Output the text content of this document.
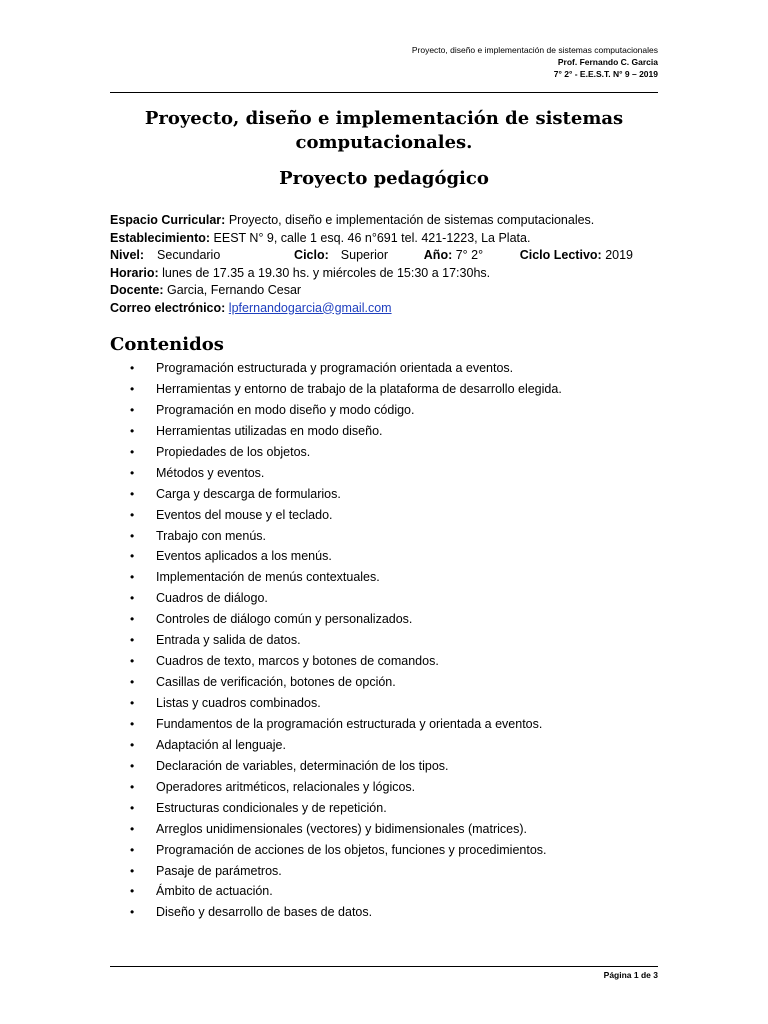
Proyecto, diseño e implementación de sistemas computacionales
Prof. Fernando C. Garcia
7° 2° - E.E.S.T. N° 9 – 2019
Proyecto, diseño e implementación de sistemas computacionales.
Proyecto pedagógico
Espacio Curricular: Proyecto, diseño e implementación de sistemas computacionales.
Establecimiento: EEST N° 9, calle 1 esq. 46 n°691 tel. 421-1223, La Plata.
Nivel: Secundario	Ciclo: Superior	Año: 7° 2°	Ciclo Lectivo: 2019
Horario: lunes de 17.35 a 19.30 hs. y miércoles de 15:30 a 17:30hs.
Docente: Garcia, Fernando Cesar
Correo electrónico: lpfernandogarcia@gmail.com
Contenidos
• Programación estructurada y programación orientada a eventos.
• Herramientas y entorno de trabajo de la plataforma de desarrollo elegida.
• Programación en modo diseño y modo código.
• Herramientas utilizadas en modo diseño.
• Propiedades de los objetos.
• Métodos y eventos.
• Carga y descarga de formularios.
• Eventos del mouse y el teclado.
• Trabajo con menús.
• Eventos aplicados a los menús.
• Implementación de menús contextuales.
• Cuadros de diálogo.
• Controles de diálogo común y personalizados.
• Entrada y salida de datos.
• Cuadros de texto, marcos y botones de comandos.
• Casillas de verificación, botones de opción.
• Listas y cuadros combinados.
• Fundamentos de la programación estructurada y orientada a eventos.
• Adaptación al lenguaje.
• Declaración de variables, determinación de los tipos.
• Operadores aritméticos, relacionales y lógicos.
• Estructuras condicionales y de repetición.
• Arreglos unidimensionales (vectores) y bidimensionales (matrices).
• Programación de acciones de los objetos, funciones y procedimientos.
• Pasaje de parámetros.
• Ámbito de actuación.
• Diseño y desarrollo de bases de datos.
Página 1 de 3
